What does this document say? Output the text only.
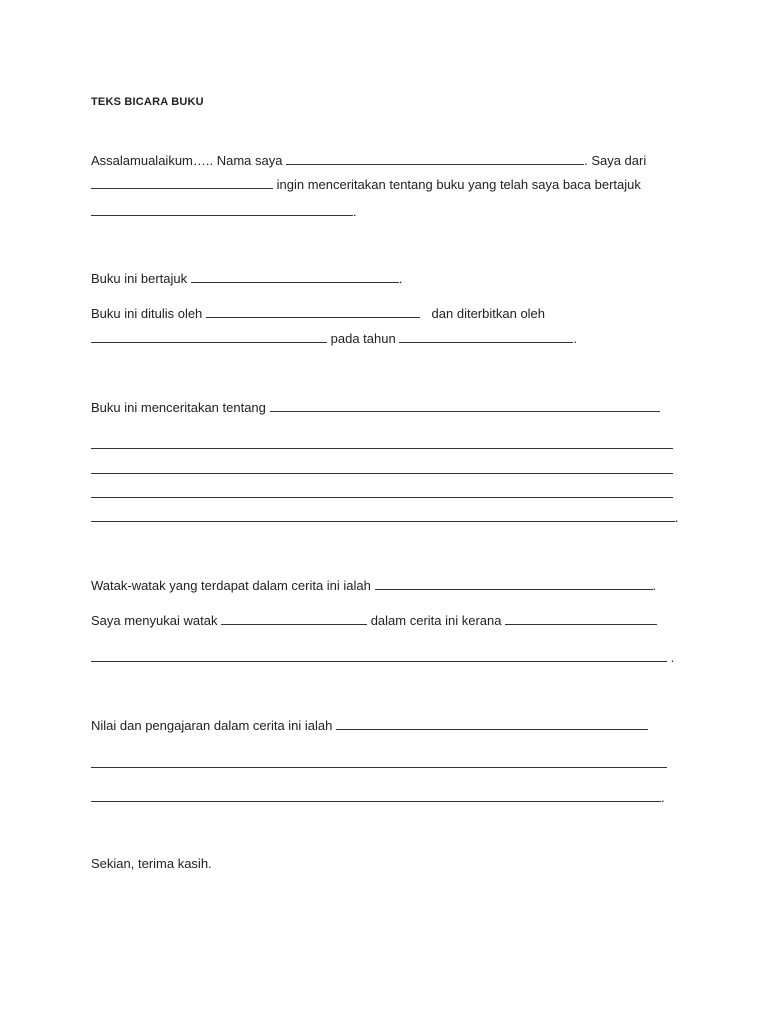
TEKS BICARA BUKU
Assalamualaikum….. Nama saya	. Saya dari
ingin menceritakan tentang buku yang telah saya baca bertajuk
.
Buku ini bertajuk	.
Buku ini ditulis oleh	dan diterbitkan oleh
pada tahun	.
Buku ini menceritakan tentang
.
Watak-watak yang terdapat dalam cerita ini ialah	.
Saya menyukai watak	dalam cerita ini kerana
.
Nilai dan pengajaran dalam cerita ini ialah
.
Sekian, terima kasih.
